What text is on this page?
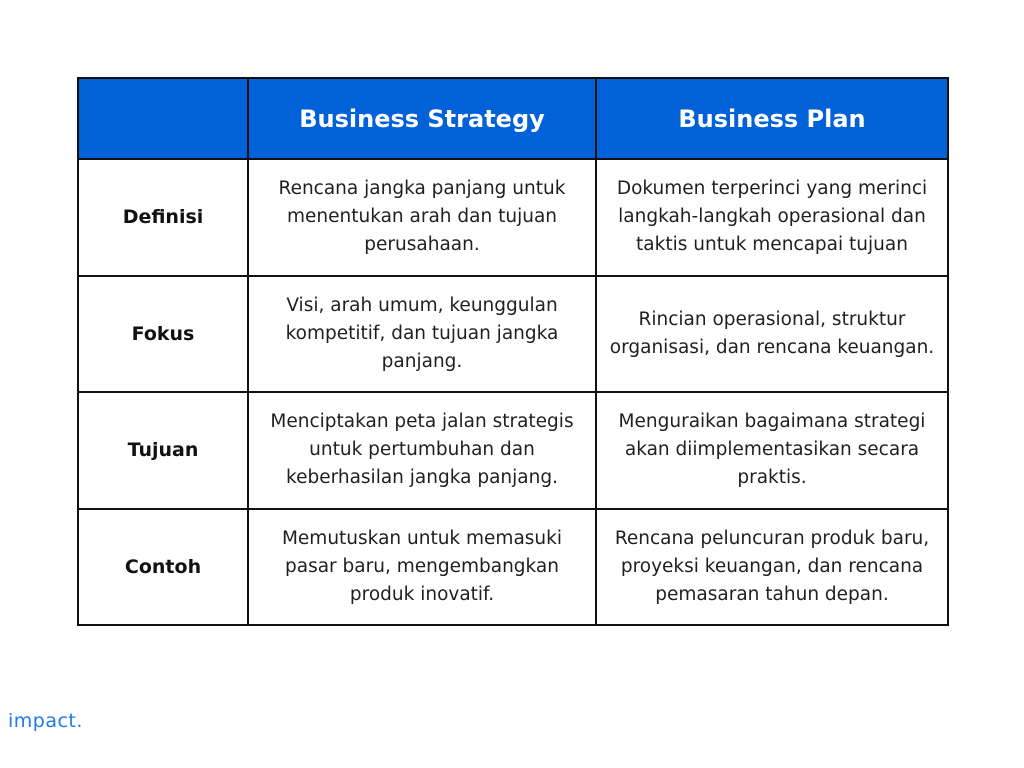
	Business Strategy	Business Plan
Definisi	Rencana jangka panjang untuk menentukan arah dan tujuan perusahaan.	Dokumen terperinci yang merinci langkah-langkah operasional dan taktis untuk mencapai tujuan
Fokus	Visi, arah umum, keunggulan kompetitif, dan tujuan jangka panjang.	Rincian operasional, struktur organisasi, dan rencana keuangan.
Tujuan	Menciptakan peta jalan strategis untuk pertumbuhan dan keberhasilan jangka panjang.	Menguraikan bagaimana strategi akan diimplementasikan secara praktis.
Contoh	Memutuskan untuk memasuki pasar baru, mengembangkan produk inovatif.	Rencana peluncuran produk baru, proyeksi keuangan, dan rencana pemasaran tahun depan.
impact.
